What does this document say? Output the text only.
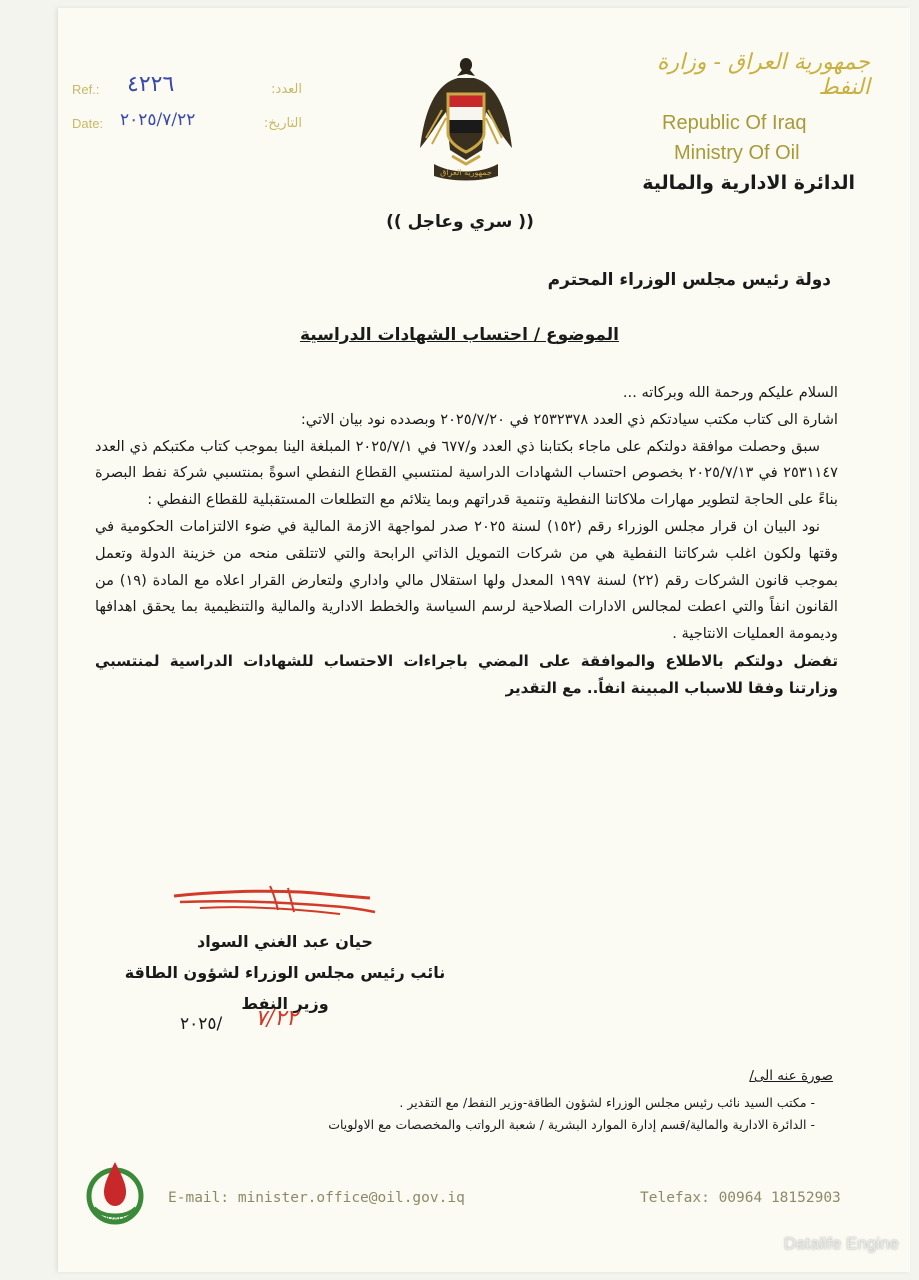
Ref.: ٤٢٢٦	العدد:
Date: ٢٠٢٥/٧/٢٢	التاريخ:
جمهورية العراق
جمهورية العراق - وزارة النفط
Republic Of Iraq
Ministry Of Oil
الدائرة الادارية والمالية
(( سري وعاجل ))
دولة رئيس مجلس الوزراء المحترم
الموضوع / احتساب الشهادات الدراسية

السلام عليكم ورحمة الله وبركاته ...

اشارة الى كتاب مكتب سيادتكم ذي العدد ٢٥٣٢٣٧٨ في ٢٠٢٥/٧/٢٠ وبصدده نود بيان الاتي:

سبق وحصلت موافقة دولتكم على ماجاء بكتابنا ذي العدد و/٦٧٧ في ٢٠٢٥/٧/١ المبلغة الينا بموجب كتاب مكتبكم ذي العدد ٢٥٣١١٤٧ في ٢٠٢٥/٧/١٣ بخصوص احتساب الشهادات الدراسية لمنتسبي القطاع النفطي اسوةً بمنتسبي شركة نفط البصرة بناءً على الحاجة لتطوير مهارات ملاكاتنا النفطية وتنمية قدراتهم وبما يتلائم مع التطلعات المستقبلية للقطاع النفطي :

نود البيان ان قرار مجلس الوزراء رقم (١٥٢) لسنة ٢٠٢٥ صدر لمواجهة الازمة المالية في ضوء الالتزامات الحكومية في وقتها ولكون اغلب شركاتنا النفطية هي من شركات التمويل الذاتي الرابحة والتي لاتتلقى منحه من خزينة الدولة وتعمل بموجب قانون الشركات رقم (٢٢) لسنة ١٩٩٧ المعدل ولها استقلال مالي واداري ولتعارض القرار اعلاه مع المادة (١٩) من القانون انفاً والتي اعطت لمجالس الادارات الصلاحية لرسم السياسة والخطط الادارية والمالية والتنظيمية بما يحقق اهدافها وديمومة العمليات الانتاجية .

تفضل دولتكم بالاطلاع والموافقة على المضي باجراءات الاحتساب للشهادات الدراسية لمنتسبي وزارتنا وفقا للاسباب المبينة انفاً.. مع التقدير

حيان عبد الغني السواد
نائب رئيس مجلس الوزراء لشؤون الطاقة
وزير النفط
٢٠٢٥/ ٧/٢٢
صورة عنه الى/
- مكتب السيد نائب رئيس مجلس الوزراء لشؤون الطاقة-وزير النفط/ مع التقدير .
- الدائرة الادارية والمالية/قسم إدارة الموارد البشرية / شعبة الرواتب والمخصصات مع الاولويات
IRAQ
E-mail: minister.office@oil.gov.iq	Telefax: 00964 18152903
Datalife Engine
